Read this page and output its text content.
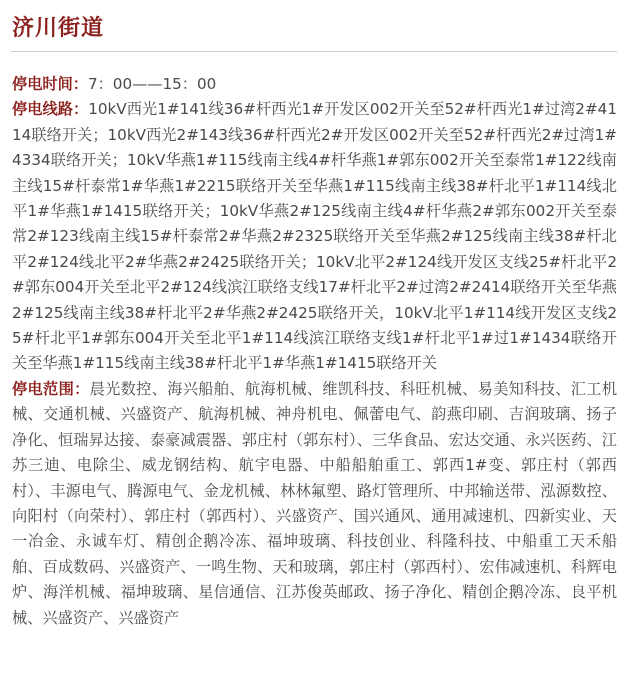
济川街道

停电时间：7：00——15：00

停电线路：10kV西光1#141线36#杆西光1#开发区002开关至52#杆西光1#过湾2#4114联络开关；10kV西光2#143线36#杆西光2#开发区002开关至52#杆西光2#过湾1#4334联络开关；10kV华燕1#115线南主线4#杆华燕1#郭东002开关至泰常1#122线南主线15#杆泰常1#华燕1#2215联络开关至华燕1#115线南主线38#杆北平1#114线北平1#华燕1#1415联络开关；10kV华燕2#125线南主线4#杆华燕2#郭东002开关至泰常2#123线南主线15#杆泰常2#华燕2#2325联络开关至华燕2#125线南主线38#杆北平2#124线北平2#华燕2#2425联络开关；10kV北平2#124线开发区支线25#杆北平2#郭东004开关至北平2#124线滨江联络支线17#杆北平2#过湾2#2414联络开关至华燕2#125线南主线38#杆北平2#华燕2#2425联络开关，10kV北平1#114线开发区支线25#杆北平1#郭东004开关至北平1#114线滨江联络支线1#杆北平1#过1#1434联络开关至华燕1#115线南主线38#杆北平1#华燕1#1415联络开关

停电范围：晨光数控、海兴船舶、航海机械、维凯科技、科旺机械、易美知科技、汇工机械、交通机械、兴盛资产、航海机械、神舟机电、佩蕾电气、韵燕印刷、吉润玻璃、扬子净化、恒瑞昇达接、泰豪减震器、郭庄村（郭东村）、三华食品、宏达交通、永兴医药、江苏三迪、电除尘、威龙钢结构、航宇电器、中船船舶重工、郭西1#变、郭庄村（郭西村）、丰源电气、腾源电气、金龙机械、林林氟塑、路灯管理所、中邦输送带、泓源数控、向阳村（向荣村）、郭庄村（郭西村）、兴盛资产、国兴通风、通用减速机、四新实业、天一冶金、永诚车灯、精创企鹅冷冻、福坤玻璃、科技创业、科隆科技、中船重工天禾船舶、百成数码、兴盛资产、一鸣生物、天和玻璃，郭庄村（郭西村）、宏伟减速机、科辉电炉、海洋机械、福坤玻璃、星信通信、江苏俊英邮政、扬子净化、精创企鹅冷冻、良平机械、兴盛资产、兴盛资产
